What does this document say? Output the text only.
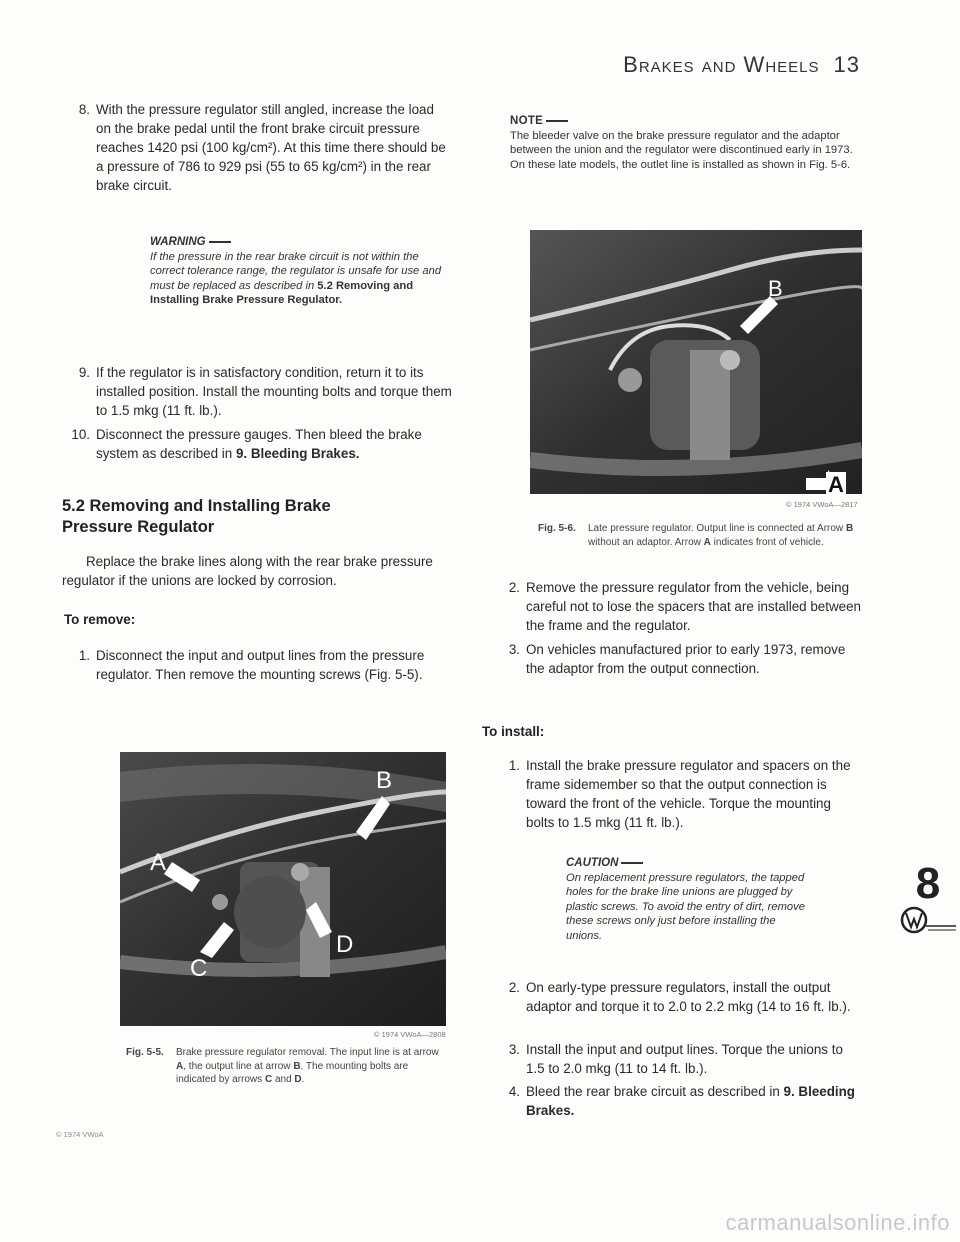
Brakes and Wheels 13
8. With the pressure regulator still angled, increase the load on the brake pedal until the front brake circuit pressure reaches 1420 psi (100 kg/cm²). At this time there should be a pressure of 786 to 929 psi (55 to 65 kg/cm²) in the rear brake circuit.
WARNING
If the pressure in the rear brake circuit is not within the correct tolerance range, the regulator is unsafe for use and must be replaced as described in 5.2 Removing and Installing Brake Pressure Regulator.
9. If the regulator is in satisfactory condition, return it to its installed position. Install the mounting bolts and torque them to 1.5 mkg (11 ft. lb.).
10. Disconnect the pressure gauges. Then bleed the brake system as described in 9. Bleeding Brakes.
5.2 Removing and Installing Brake Pressure Regulator
Replace the brake lines along with the rear brake pressure regulator if the unions are locked by corrosion.
To remove:
1. Disconnect the input and output lines from the pressure regulator. Then remove the mounting screws (Fig. 5-5).
B
A
C
D
© 1974 VWoA—2808
Fig. 5-5.	Brake pressure regulator removal. The input line is at arrow A, the output line at arrow B. The mounting bolts are indicated by arrows C and D.
© 1974 VWoA
NOTE
The bleeder valve on the brake pressure regulator and the adaptor between the union and the regulator were discontinued early in 1973. On these late models, the outlet line is installed as shown in Fig. 5-6.
B
A
© 1974 VWoA—2817
Fig. 5-6.	Late pressure regulator. Output line is connected at Arrow B without an adaptor. Arrow A indicates front of vehicle.
2. Remove the pressure regulator from the vehicle, being careful not to lose the spacers that are installed between the frame and the regulator.
3. On vehicles manufactured prior to early 1973, remove the adaptor from the output connection.
To install:
1. Install the brake pressure regulator and spacers on the frame sidemember so that the output connection is toward the front of the vehicle. Torque the mounting bolts to 1.5 mkg (11 ft. lb.).
CAUTION
On replacement pressure regulators, the tapped holes for the brake line unions are plugged by plastic screws. To avoid the entry of dirt, remove these screws only just before installing the unions.
2. On early-type pressure regulators, install the output adaptor and torque it to 2.0 to 2.2 mkg (14 to 16 ft. lb.).
3. Install the input and output lines. Torque the unions to 1.5 to 2.0 mkg (11 to 14 ft. lb.).
4. Bleed the rear brake circuit as described in 9. Bleeding Brakes.
8
carmanualsonline.info
